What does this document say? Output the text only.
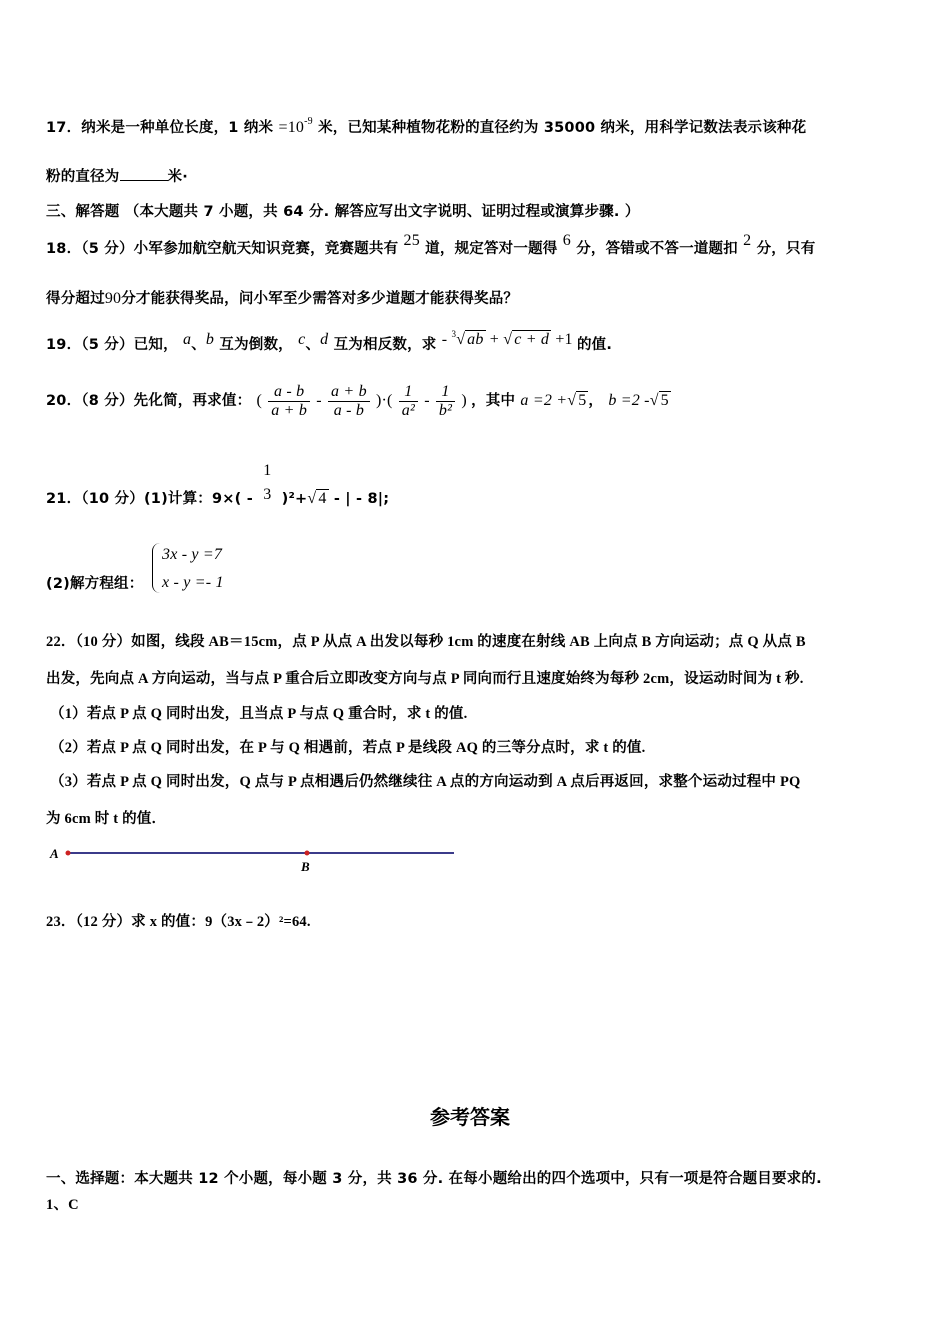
17．纳米是一种单位长度，1 纳米 $=10^{-9}$ 米，已知某种植物花粉的直径约为 35000 纳米，用科学记数法表示该种花
粉的直径为	米·
三、解答题 （本大题共 7 小题，共 64 分. 解答应写出文字说明、证明过程或演算步骤. ）
18．（5 分）小军参加航空航天知识竞赛，竞赛题共有 25 道，规定答对一题得 6 分，答错或不答一道题扣 2 分，只有
得分超过90分才能获得奖品，问小军至少需答对多少道题才能获得奖品？
19．（5 分）已知， a、b 互为倒数， c、d 互为相反数，求 - $^3$√ ab + √ c + d +1 的值.
20．（8 分）先化简，再求值： ( $\frac{a - b}{a + b} - \frac{a + b}{a - b}$ )·( $\frac{1}{\text{a²}} - \frac{1}{\text{b²}}$ ) ，其中 a =2 +√ 5 ， b =2 -√ 5
21．（10 分）(1)计算：9×( -
1
3 )²+√ 4 - | - 8|;
(2)解方程组：
3x - y =7
x - y =- 1
22．（10 分）如图，线段 AB＝15cm，点 P 从点 A 出发以每秒 1cm 的速度在射线 AB 上向点 B 方向运动；点 Q 从点 B
出发，先向点 A 方向运动，当与点 P 重合后立即改变方向与点 P 同向而行且速度始终为每秒 2cm，设运动时间为 t 秒.
（1）若点 P 点 Q 同时出发，且当点 P 与点 Q 重合时，求 t 的值.
（2）若点 P 点 Q 同时出发，在 P 与 Q 相遇前，若点 P 是线段 AQ 的三等分点时，求 t 的值.
（3）若点 P 点 Q 同时出发，Q 点与 P 点相遇后仍然继续往 A 点的方向运动到 A 点后再返回，求整个运动过程中 PQ
为 6cm 时 t 的值．
A
B
23．（12 分）求 x 的值：9（3x﹣2）²=64.
参考答案
一、选择题：本大题共 12 个小题，每小题 3 分，共 36 分. 在每小题给出的四个选项中，只有一项是符合题目要求的.
1、C
